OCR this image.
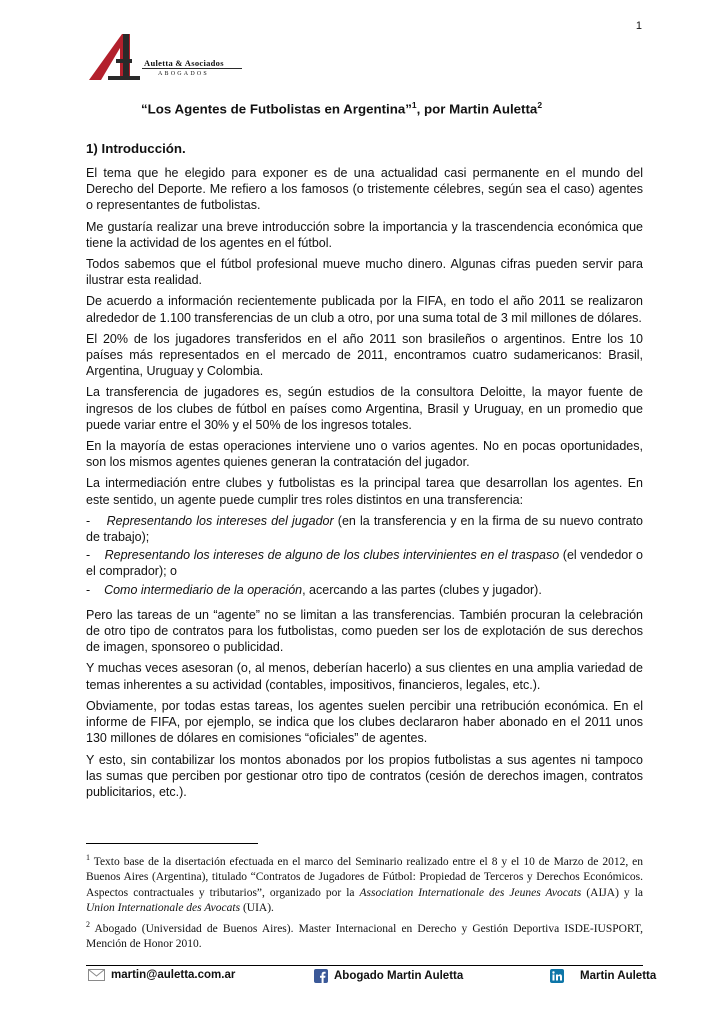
1
Auletta & Asociados
ABOGADOS
“Los Agentes de Futbolistas en Argentina”$^1$, por Martin Auletta$^2$
1) Introducción.

El tema que he elegido para exponer es de una actualidad casi permanente en el mundo del Derecho del Deporte. Me refiero a los famosos (o tristemente célebres, según sea el caso) agentes o representantes de futbolistas.

Me gustaría realizar una breve introducción sobre la importancia y la trascendencia económica que tiene la actividad de los agentes en el fútbol.

Todos sabemos que el fútbol profesional mueve mucho dinero. Algunas cifras pueden servir para ilustrar esta realidad.

De acuerdo a información recientemente publicada por la FIFA, en todo el año 2011 se realizaron alrededor de 1.100 transferencias de un club a otro, por una suma total de 3 mil millones de dólares.

El 20% de los jugadores transferidos en el año 2011 son brasileños o argentinos. Entre los 10 países más representados en el mercado de 2011, encontramos cuatro sudamericanos: Brasil, Argentina, Uruguay y Colombia.

La transferencia de jugadores es, según estudios de la consultora Deloitte, la mayor fuente de ingresos de los clubes de fútbol en países como Argentina, Brasil y Uruguay, en un promedio que puede variar entre el 30% y el 50% de los ingresos totales.

En la mayoría de estas operaciones interviene uno o varios agentes. No en pocas oportunidades, son los mismos agentes quienes generan la contratación del jugador.

La intermediación entre clubes y futbolistas es la principal tarea que desarrollan los agentes. En este sentido, un agente puede cumplir tres roles distintos en una transferencia:

- Representando los intereses del jugador (en la transferencia y en la firma de su nuevo contrato de trabajo);

- Representando los intereses de alguno de los clubes intervinientes en el traspaso (el vendedor o el comprador); o

- Como intermediario de la operación, acercando a las partes (clubes y jugador).

Pero las tareas de un “agente” no se limitan a las transferencias. También procuran la celebración de otro tipo de contratos para los futbolistas, como pueden ser los de explotación de sus derechos de imagen, sponsoreo o publicidad.

Y muchas veces asesoran (o, al menos, deberían hacerlo) a sus clientes en una amplia variedad de temas inherentes a su actividad (contables, impositivos, financieros, legales, etc.).

Obviamente, por todas estas tareas, los agentes suelen percibir una retribución económica. En el informe de FIFA, por ejemplo, se indica que los clubes declararon haber abonado en el 2011 unos 130 millones de dólares en comisiones “oficiales” de agentes.

Y esto, sin contabilizar los montos abonados por los propios futbolistas a sus agentes ni tampoco las sumas que perciben por gestionar otro tipo de contratos (cesión de derechos imagen, contratos publicitarios, etc.).

$^1$ Texto base de la disertación efectuada en el marco del Seminario realizado entre el 8 y el 10 de Marzo de 2012, en Buenos Aires (Argentina), titulado “Contratos de Jugadores de Fútbol: Propiedad de Terceros y Derechos Económicos. Aspectos contractuales y tributarios”, organizado por la Association Internationale des Jeunes Avocats (AIJA) y la Union Internationale des Avocats (UIA).

$^2$ Abogado (Universidad de Buenos Aires). Master Internacional en Derecho y Gestión Deportiva ISDE-IUSPORT, Mención de Honor 2010.

martin@auletta.com.ar	Abogado Martin Auletta	Martin Auletta
